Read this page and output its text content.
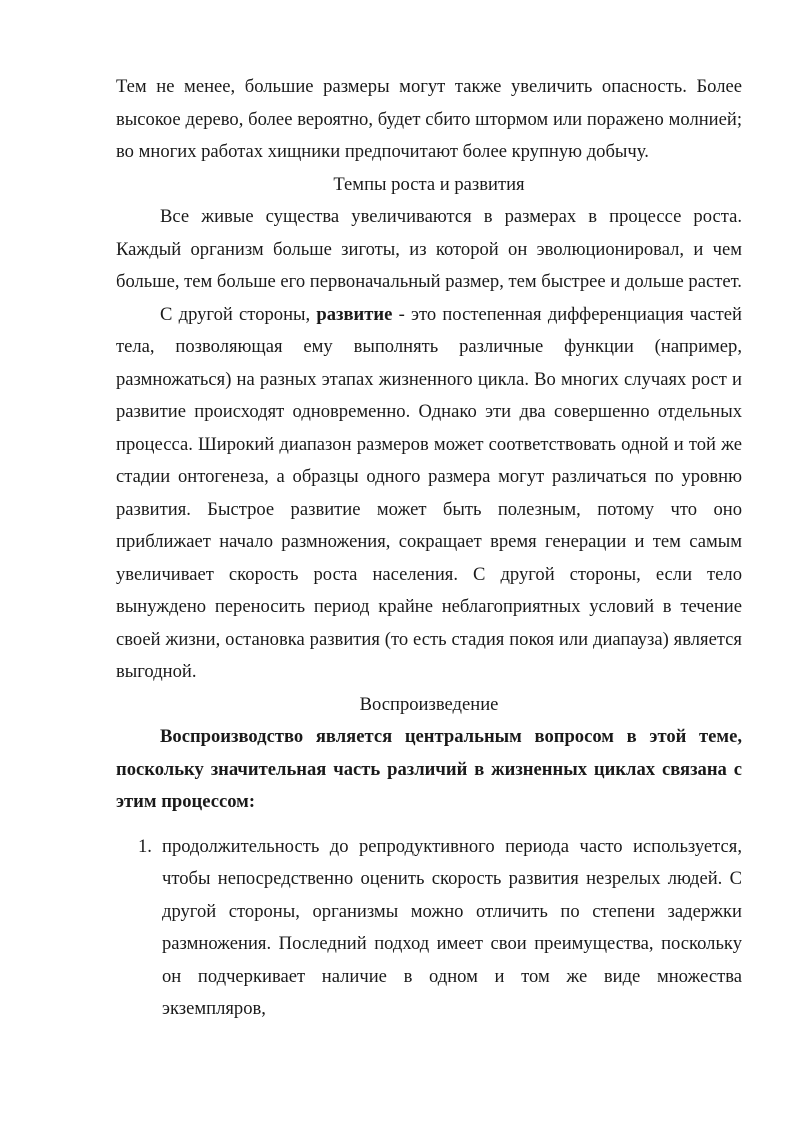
Тем не менее, большие размеры могут также увеличить опасность. Более высокое дерево, более вероятно, будет сбито штормом или поражено молнией; во многих работах хищники предпочитают более крупную добычу.

Темпы роста и развития

Все живые существа увеличиваются в размерах в процессе роста. Каждый организм больше зиготы, из которой он эволюционировал, и чем больше, тем больше его первоначальный размер, тем быстрее и дольше растет.

С другой стороны, развитие - это постепенная дифференциация частей тела, позволяющая ему выполнять различные функции (например, размножаться) на разных этапах жизненного цикла. Во многих случаях рост и развитие происходят одновременно. Однако эти два совершенно отдельных процесса. Широкий диапазон размеров может соответствовать одной и той же стадии онтогенеза, а образцы одного размера могут различаться по уровню развития. Быстрое развитие может быть полезным, потому что оно приближает начало размножения, сокращает время генерации и тем самым увеличивает скорость роста населения. С другой стороны, если тело вынуждено переносить период крайне неблагоприятных условий в течение своей жизни, остановка развития (то есть стадия покоя или диапауза) является выгодной.

Воспроизведение

Воспроизводство является центральным вопросом в этой теме, поскольку значительная часть различий в жизненных циклах связана с этим процессом:

1. продолжительность до репродуктивного периода часто используется, чтобы непосредственно оценить скорость развития незрелых людей. С другой стороны, организмы можно отличить по степени задержки размножения. Последний подход имеет свои преимущества, поскольку он подчеркивает наличие в одном и том же виде множества экземпляров,
